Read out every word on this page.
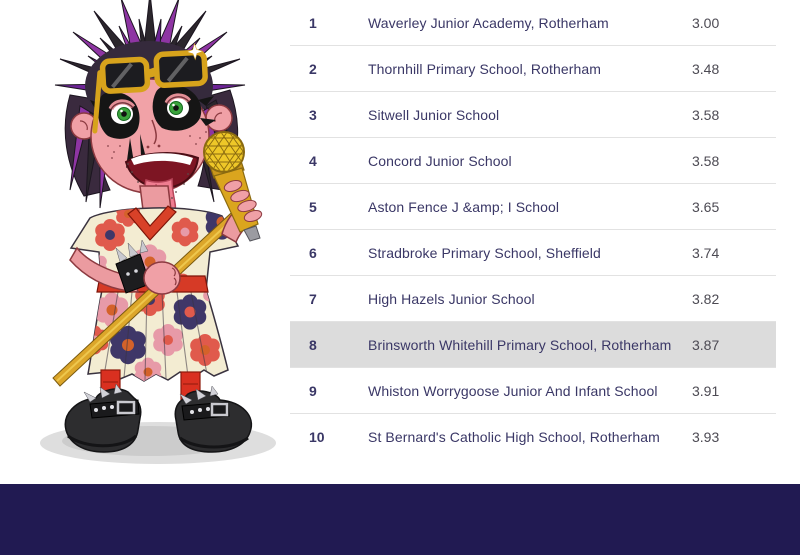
1	Waverley Junior Academy, Rotherham	3.00
2	Thornhill Primary School, Rotherham	3.48
3	Sitwell Junior School	3.58
4	Concord Junior School	3.58
5	Aston Fence J &amp; I School	3.65
6	Stradbroke Primary School, Sheffield	3.74
7	High Hazels Junior School	3.82
8	Brinsworth Whitehill Primary School, Rotherham	3.87
9	Whiston Worrygoose Junior And Infant School	3.91
10	St Bernard's Catholic High School, Rotherham	3.93
